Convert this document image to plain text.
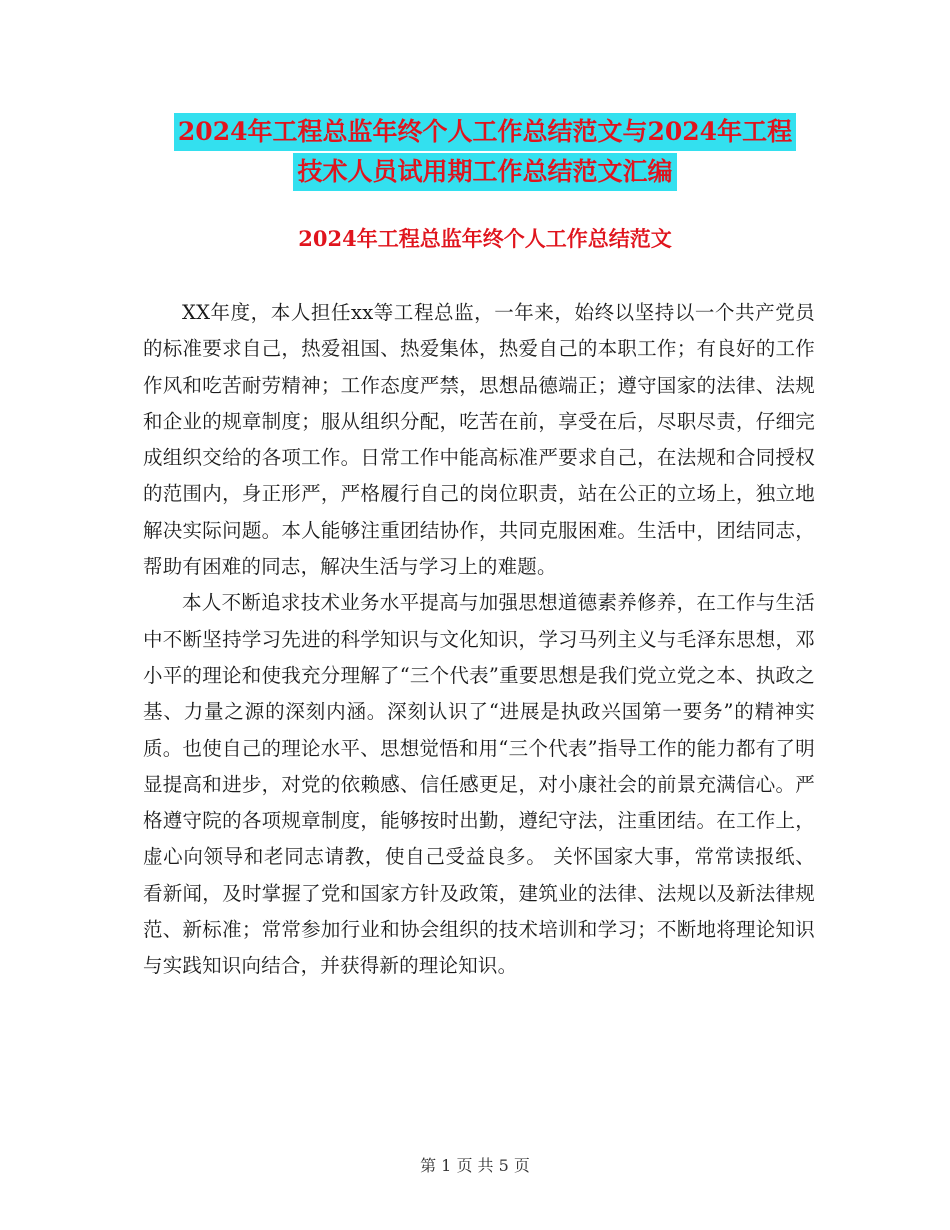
2024年工程总监年终个人工作总结范文与2024年工程
技术人员试用期工作总结范文汇编
2024年工程总监年终个人工作总结范文

XX年度，本人担任xx等工程总监，一年来，始终以坚持以一个共产党员的标准要求自己，热爱祖国、热爱集体，热爱自己的本职工作；有良好的工作作风和吃苦耐劳精神；工作态度严禁，思想品德端正；遵守国家的法律、法规和企业的规章制度；服从组织分配，吃苦在前，享受在后，尽职尽责，仔细完成组织交给的各项工作。日常工作中能高标准严要求自己，在法规和合同授权的范围内，身正形严，严格履行自己的岗位职责，站在公正的立场上，独立地解决实际问题。本人能够注重团结协作，共同克服困难。生活中，团结同志，帮助有困难的同志，解决生活与学习上的难题。

本人不断追求技术业务水平提高与加强思想道德素养修养，在工作与生活中不断坚持学习先进的科学知识与文化知识，学习马列主义与毛泽东思想，邓小平的理论和使我充分理解了“三个代表”重要思想是我们党立党之本、执政之基、力量之源的深刻内涵。深刻认识了“进展是执政兴国第一要务”的精神实质。也使自己的理论水平、思想觉悟和用“三个代表”指导工作的能力都有了明显提高和进步，对党的依赖感、信任感更足，对小康社会的前景充满信心。严格遵守院的各项规章制度，能够按时出勤，遵纪守法，注重团结。在工作上，虚心向领导和老同志请教，使自己受益良多。 关怀国家大事，常常读报纸、看新闻，及时掌握了党和国家方针及政策，建筑业的法律、法规以及新法律规范、新标准；常常参加行业和协会组织的技术培训和学习；不断地将理论知识与实践知识向结合，并获得新的理论知识。

第 1 页 共 5 页
